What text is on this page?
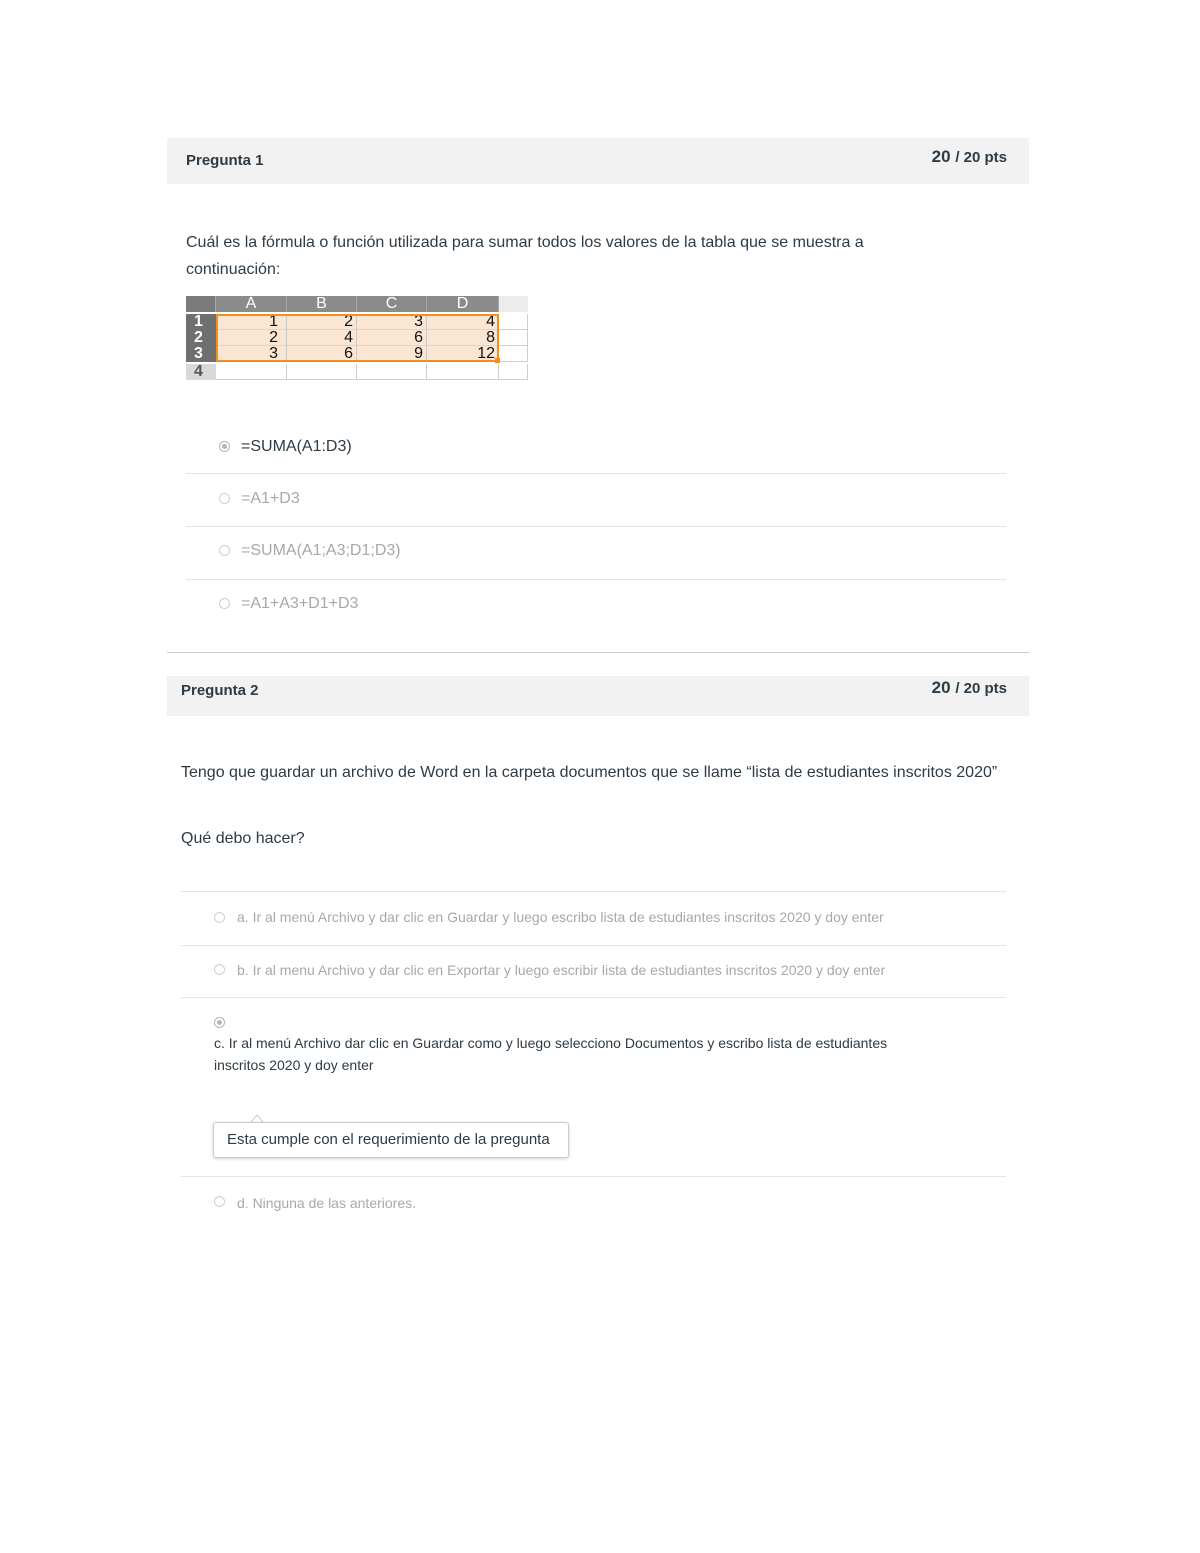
Pregunta 1	20 / 20 pts
Cuál es la fórmula o función utilizada para sumar todos los valores de la tabla que se muestra a continuación:
A	B	C	D
1	1	2	3	4
2	2	4	6	8
3	3	6	9	12
4
=SUMA(A1:D3)
=A1+D3
=SUMA(A1;A3;D1;D3)
=A1+A3+D1+D3
Pregunta 2	20 / 20 pts
Tengo que guardar un archivo de Word en la carpeta documentos que se llame “lista de estudiantes inscritos 2020”
Qué debo hacer?
a. Ir al menú Archivo y dar clic en Guardar y luego escribo lista de estudiantes inscritos 2020 y doy enter
b. Ir al menu Archivo y dar clic en Exportar y luego escribir lista de estudiantes inscritos 2020 y doy enter
c. Ir al menú Archivo dar clic en Guardar como y luego selecciono Documentos y escribo lista de estudiantes
inscritos 2020 y doy enter
Esta cumple con el requerimiento de la pregunta
d. Ninguna de las anteriores.
